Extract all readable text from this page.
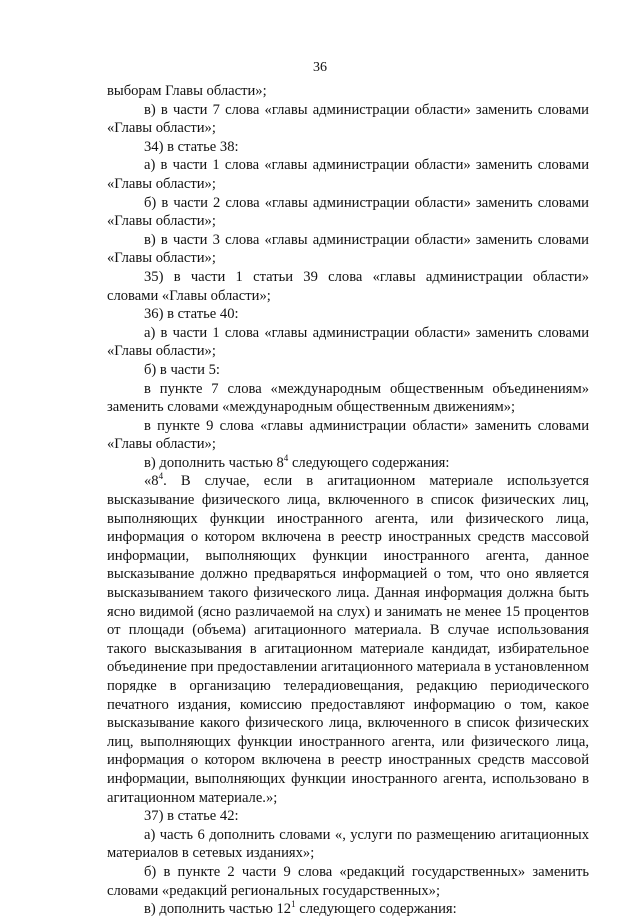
36
выборам Главы области»;
в) в части 7 слова «главы администрации области» заменить словами
«Главы области»;
34) в статье 38:
а) в части 1 слова «главы администрации области» заменить словами
«Главы области»;
б) в части 2 слова «главы администрации области» заменить словами
«Главы области»;
в) в части 3 слова «главы администрации области» заменить словами
«Главы области»;
35) в части 1 статьи 39 слова «главы администрации области»
словами «Главы области»;
36) в статье 40:
а) в части 1 слова «главы администрации области» заменить словами
«Главы области»;
б) в части 5:
в пункте 7 слова «международным общественным объединениям»
заменить словами «международным общественным движениям»;
в пункте 9 слова «главы администрации области» заменить словами
«Главы области»;
в) дополнить частью $8^4$ следующего содержания:
«$8^4$. В случае, если в агитационном материале используется
высказывание физического лица, включенного в список физических лиц,
выполняющих функции иностранного агента, или физического лица,
информация о котором включена в реестр иностранных средств массовой
информации, выполняющих функции иностранного агента, данное
высказывание должно предваряться информацией о том, что оно является
высказыванием такого физического лица. Данная информация должна быть
ясно видимой (ясно различаемой на слух) и занимать не менее 15 процентов
от площади (объема) агитационного материала. В случае использования
такого высказывания в агитационном материале кандидат, избирательное
объединение при предоставлении агитационного материала в установленном
порядке в организацию телерадиовещания, редакцию периодического
печатного издания, комиссию предоставляют информацию о том, какое
высказывание какого физического лица, включенного в список физических
лиц, выполняющих функции иностранного агента, или физического лица,
информация о котором включена в реестр иностранных средств массовой
информации, выполняющих функции иностранного агента, использовано в
агитационном материале.»;
37) в статье 42:
а) часть 6 дополнить словами «, услуги по размещению агитационных
материалов в сетевых изданиях»;
б) в пункте 2 части 9 слова «редакций государственных» заменить
словами «редакций региональных государственных»;
в) дополнить частью $12^1$ следующего содержания:
